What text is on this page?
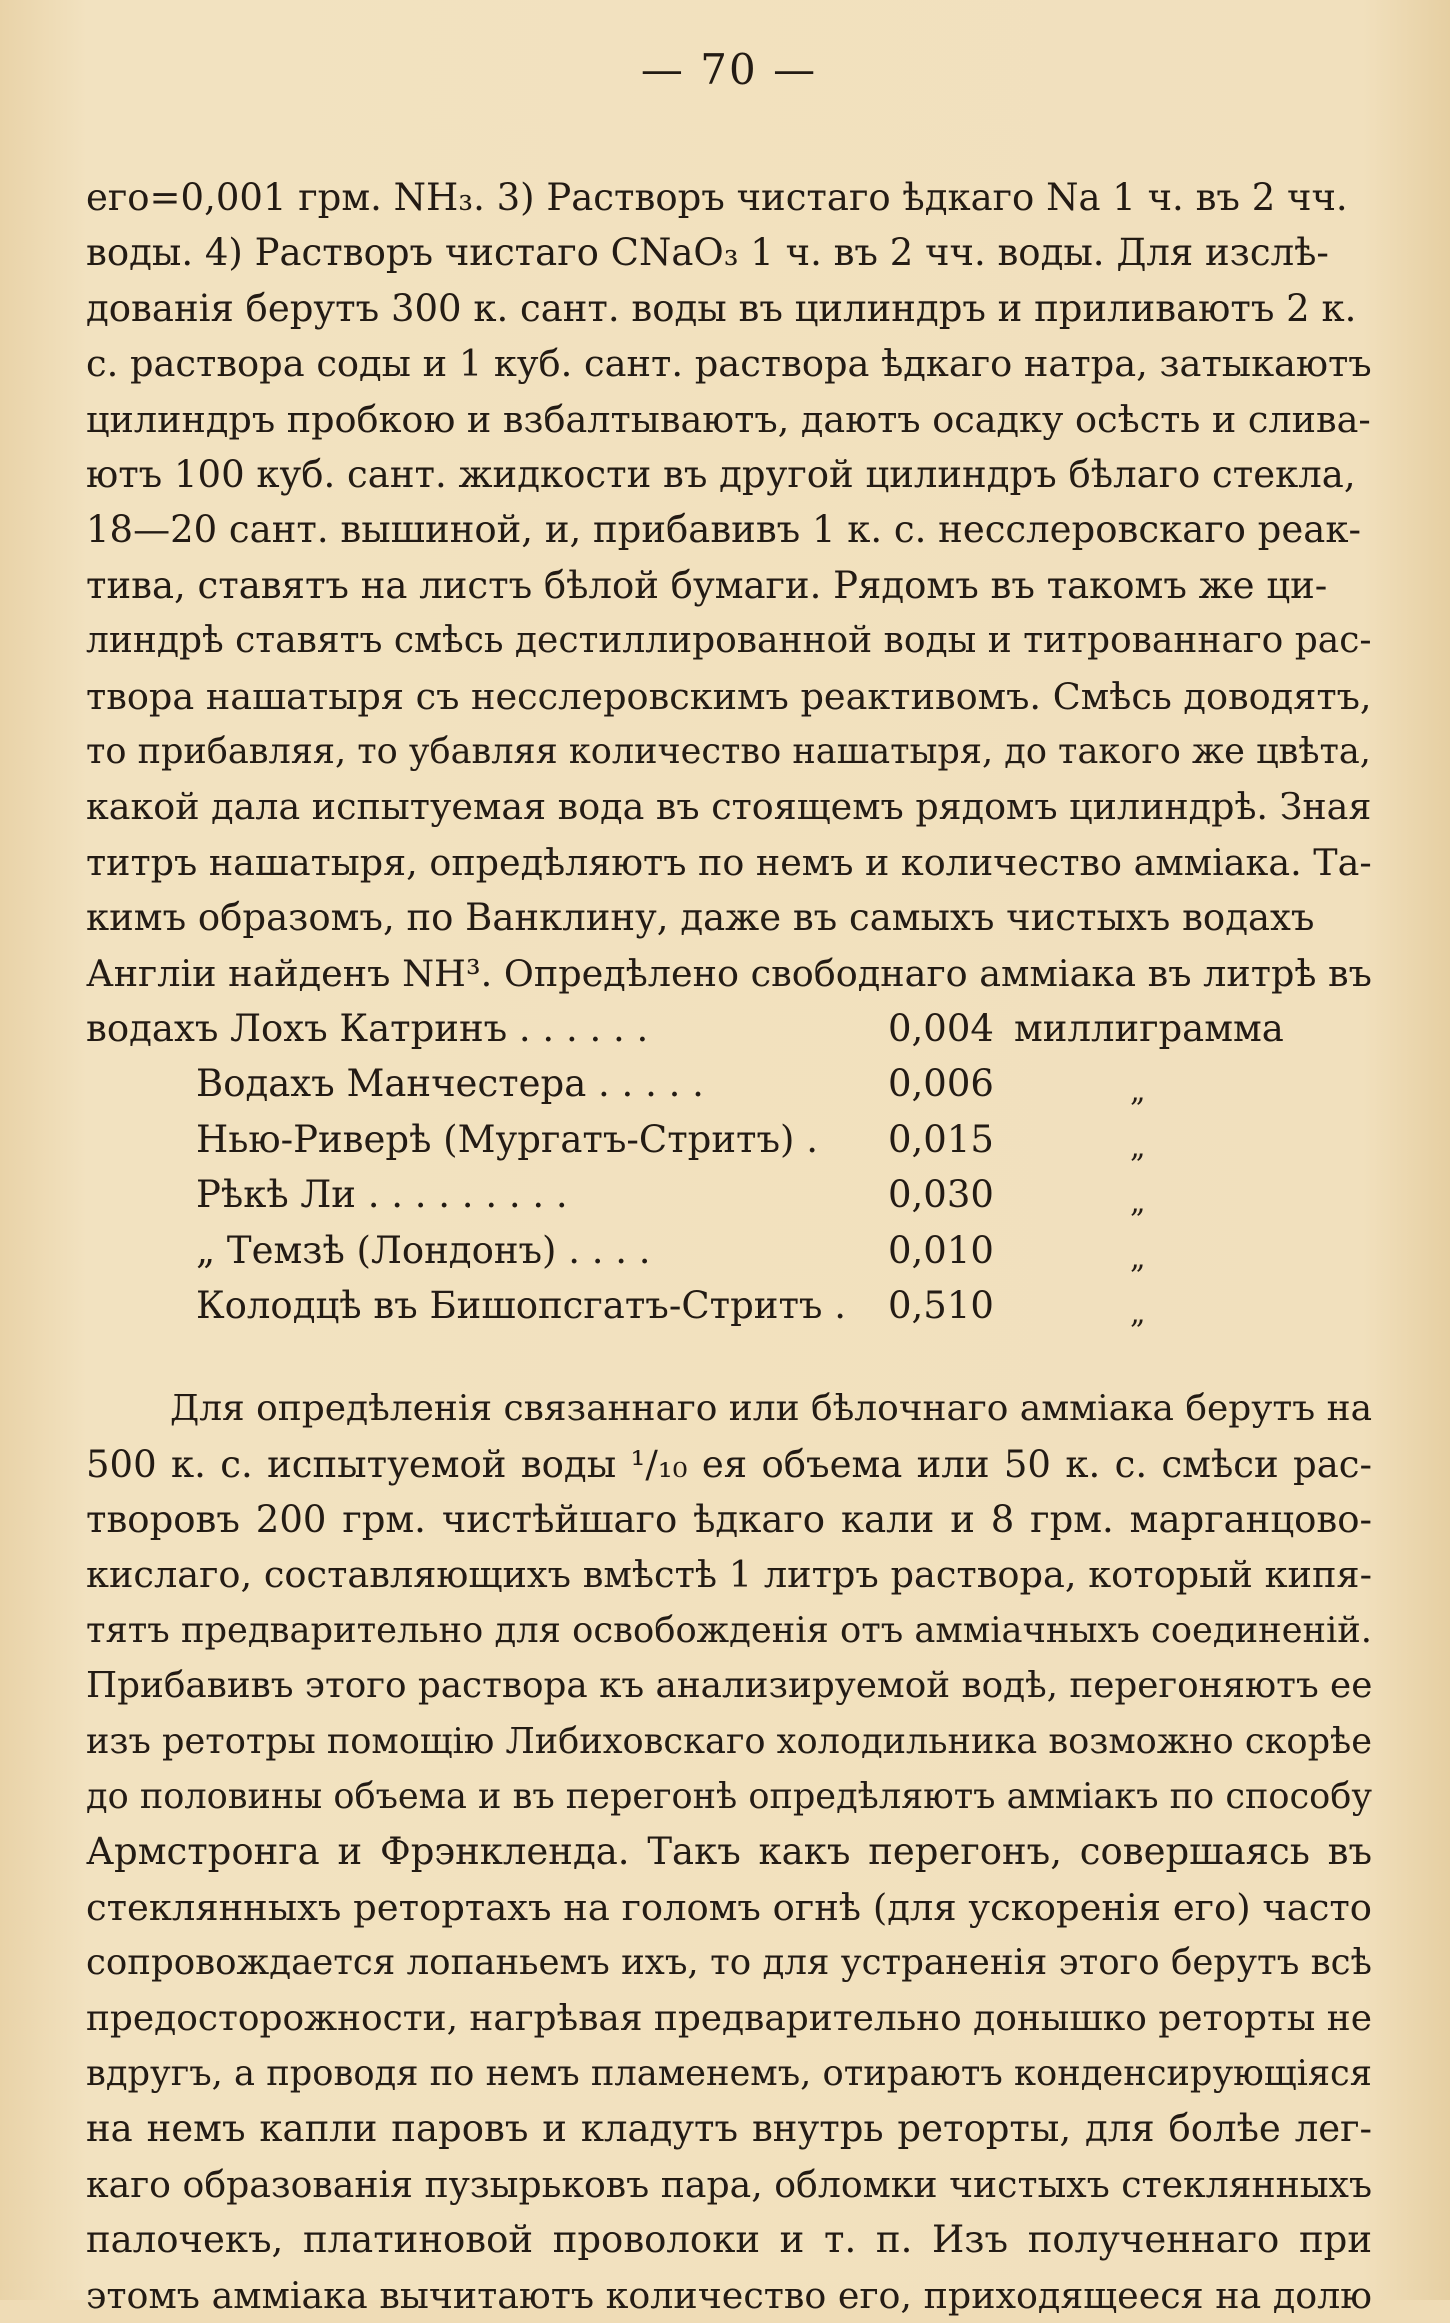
— 70 —
его=0,001 грм. NH₃. 3) Растворъ чистаго ѣдкаго Na 1 ч. въ 2 чч.
воды. 4) Растворъ чистаго CNaO₃ 1 ч. въ 2 чч. воды. Для изслѣ-
дованія берутъ 300 к. сант. воды въ цилиндръ и приливаютъ 2 к.
с. раствора соды и 1 куб. сант. раствора ѣдкаго натра, затыкаютъ
цилиндръ пробкою и взбалтываютъ, даютъ осадку осѣсть и слива-
ютъ 100 куб. сант. жидкости въ другой цилиндръ бѣлаго стекла,
18—20 сант. вышиной, и, прибавивъ 1 к. с. несслеровскаго реак-
тива, ставятъ на листъ бѣлой бумаги. Рядомъ въ такомъ же ци-
линдрѣ ставятъ смѣсь дестиллированной воды и титрованнаго рас-
твора нашатыря съ несслеровскимъ реактивомъ. Смѣсь доводятъ,
то прибавляя, то убавляя количество нашатыря, до такого же цвѣта,
какой дала испытуемая вода въ стоящемъ рядомъ цилиндрѣ. Зная
титръ нашатыря, опредѣляютъ по немъ и количество амміака. Та-
кимъ образомъ, по Ванклину, даже въ самыхъ чистыхъ водахъ
Англіи найденъ NH³. Опредѣлено свободнаго амміака въ литрѣ въ
водахъ Лохъ Катринъ . . . . . .	0,004 миллиграмма
Водахъ Манчестера . . . . .	0,006	„
Нью-Риверѣ (Мургатъ-Стритъ) . 0,015	„
Рѣкѣ Ли . . . . . . . . .	0,030	„
„ Темзѣ (Лондонъ) . . . .	0,010	„
Колодцѣ въ Бишопсгатъ-Стритъ . 0,510	„
Для опредѣленія связаннаго или бѣлочнаго амміака берутъ на
500 к. с. испытуемой воды ¹/₁₀ ея объема или 50 к. с. смѣси рас-
творовъ 200 грм. чистѣйшаго ѣдкаго кали и 8 грм. марганцово-
кислаго, составляющихъ вмѣстѣ 1 литръ раствора, который кипя-
тятъ предварительно для освобожденія отъ амміачныхъ соединеній.
Прибавивъ этого раствора къ анализируемой водѣ, перегоняютъ ее
изъ ретотры помощію Либиховскаго холодильника возможно скорѣе
до половины объема и въ перегонѣ опредѣляютъ амміакъ по способу
Армстронга и Фрэнкленда. Такъ какъ перегонъ, совершаясь въ
стеклянныхъ ретортахъ на голомъ огнѣ (для ускоренія его) часто
сопровождается лопаньемъ ихъ, то для устраненія этого берутъ всѣ
предосторожности, нагрѣвая предварительно донышко реторты не
вдругъ, а проводя по немъ пламенемъ, отираютъ конденсирующіяся
на немъ капли паровъ и кладутъ внутрь реторты, для болѣе лег-
каго образованія пузырьковъ пара, обломки чистыхъ стеклянныхъ
палочекъ, платиновой проволоки и т. п. Изъ полученнаго при
этомъ амміака вычитаютъ количество его, приходящееся на долю
